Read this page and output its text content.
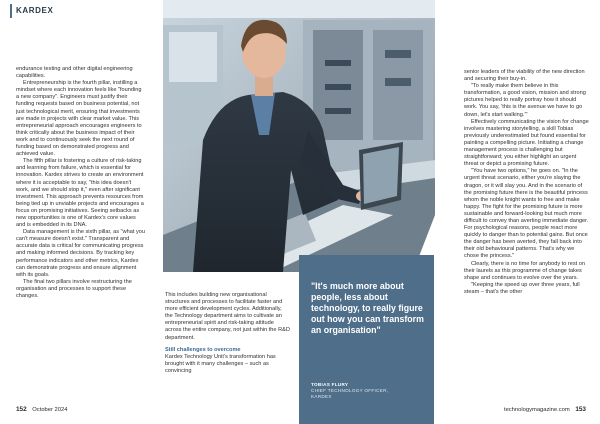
KARDEX

endurance testing and other digital engineering capabilities.

Entrepreneurship is the fourth pillar, instilling a mindset where each innovation feels like "founding a new company". Engineers must justify their funding requests based on business potential, not just technological merit, ensuring that investments are made in projects with clear market value. This entrepreneurial approach encourages engineers to think critically about the business impact of their work and to continuously seek the next round of funding based on demonstrated progress and achieved value.

The fifth pillar is fostering a culture of risk-taking and learning from failure, which is essential for innovation. Kardex strives to create an environment where it is acceptable to say, "this idea doesn't work, and we should stop it," even after significant investment. This approach prevents resources from being tied up in unviable projects and encourages a focus on promising initiatives. Seeing setbacks as new opportunities is one of Kardex's core values and is embedded in its DNA.

Data management is the sixth pillar, as "what you can't measure doesn't exist." Transparent and accurate data is critical for communicating progress and making informed decisions. By tracking key performance indicators and other metrics, Kardex can demonstrate progress and ensure alignment with its goals.

The final two pillars involve restructuring the organisation and processes to support these changes.	This includes building new organisational structures and processes to facilitate faster and more efficient development cycles. Additionally, the Technology department aims to cultivate an entrepreneurial spirit and risk-taking attitude across the entire company, not just within the R&D department.

Still challenges to overcome

Kardex Technology Unit's transformation has brought with it many challenges – such as convincing

"It's much more about people, less about technology, to really figure out how you can transform an organisation"
TOBIAS FLURY
CHIEF TECHNOLOGY OFFICER,
KARDEX

senior leaders of the viability of the new direction and securing their buy-in.

"To really make them believe in this transformation, a good vision, mission and strong pictures helped to really portray how it should work. You say, 'this is the avenue we have to go down, let's start walking.'"

Effectively communicating the vision for change involves mastering storytelling, a skill Tobias previously underestimated but found essential for painting a compelling picture. Initiating a change management process is challenging but straightforward; you either highlight an urgent threat or depict a promising future.

"You have two options," he goes on. "In the urgent threat scenario, either you're slaying the dragon, or it will slay you. And in the scenario of the promising future there is the beautiful princess whom the noble knight wants to free and make happy. The fight for the promising future is more sustainable and forward-looking but much more difficult to convey than averting immediate danger. For psychological reasons, people react more quickly to danger than to potential gains. But once the danger has been averted, they fall back into their old behavioural patterns. That's why we chose the princess."

Clearly, there is no time for anybody to rest on their laurels as this programme of change takes shape and continues to evolve over the years.

"Keeping the speed up over three years, full steam – that's the other

152 October 2024	technologymagazine.com 153
